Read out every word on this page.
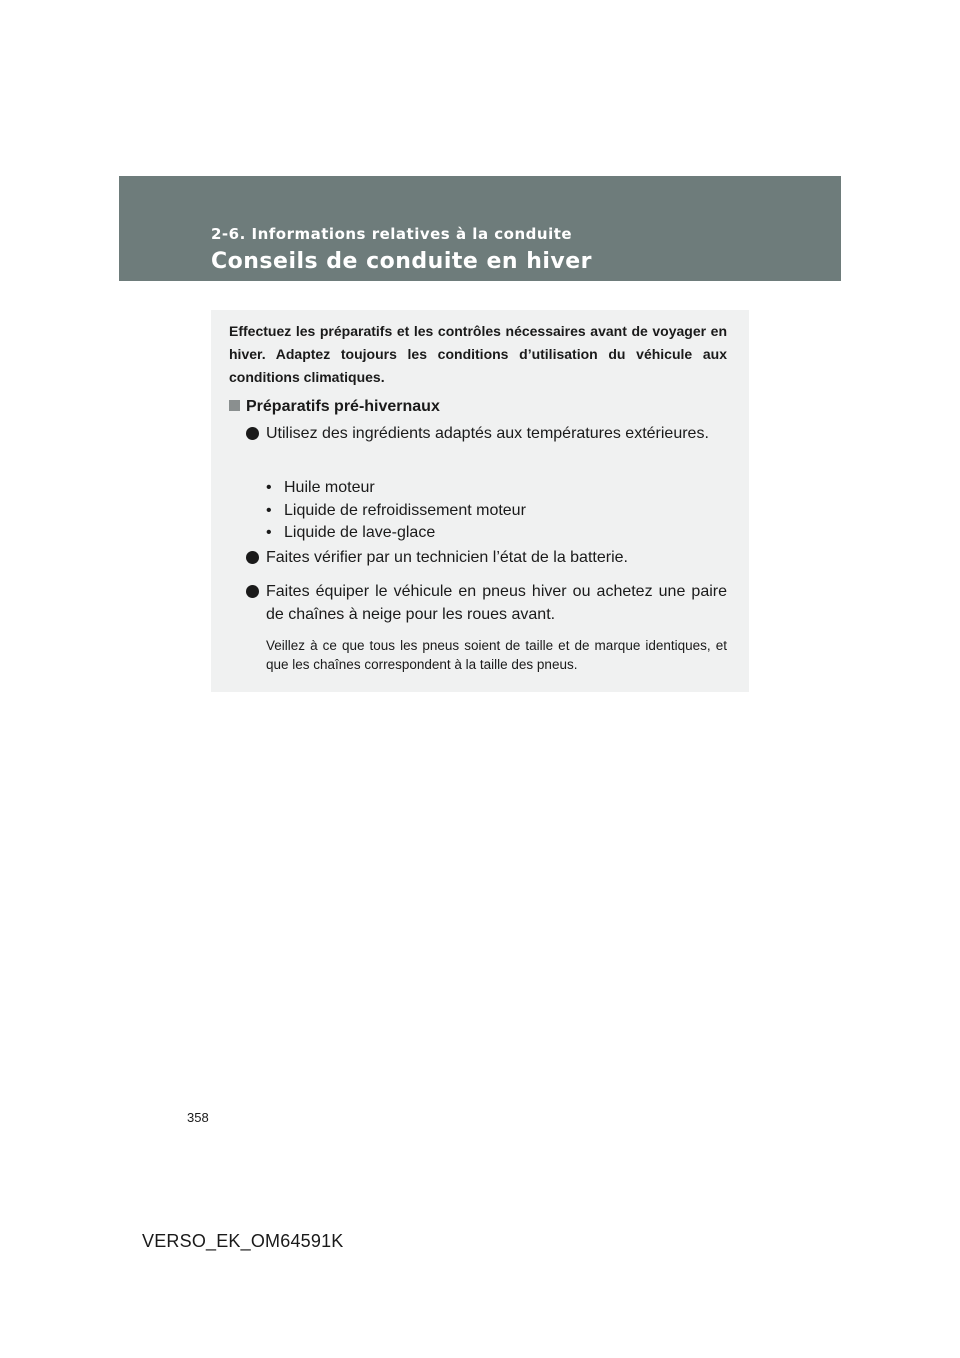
2-6. Informations relatives à la conduite
Conseils de conduite en hiver
Effectuez les préparatifs et les contrôles nécessaires avant de voyager en hiver. Adaptez toujours les conditions d’utilisation du véhicule aux conditions climatiques.
Préparatifs pré-hivernaux
Utilisez des ingrédients adaptés aux températures extérieures.
• Huile moteur
• Liquide de refroidissement moteur
• Liquide de lave-glace
Faites vérifier par un technicien l’état de la batterie.
Faites équiper le véhicule en pneus hiver ou achetez une paire de chaînes à neige pour les roues avant.
Veillez à ce que tous les pneus soient de taille et de marque identiques, et que les chaînes correspondent à la taille des pneus.
358
VERSO_EK_OM64591K
